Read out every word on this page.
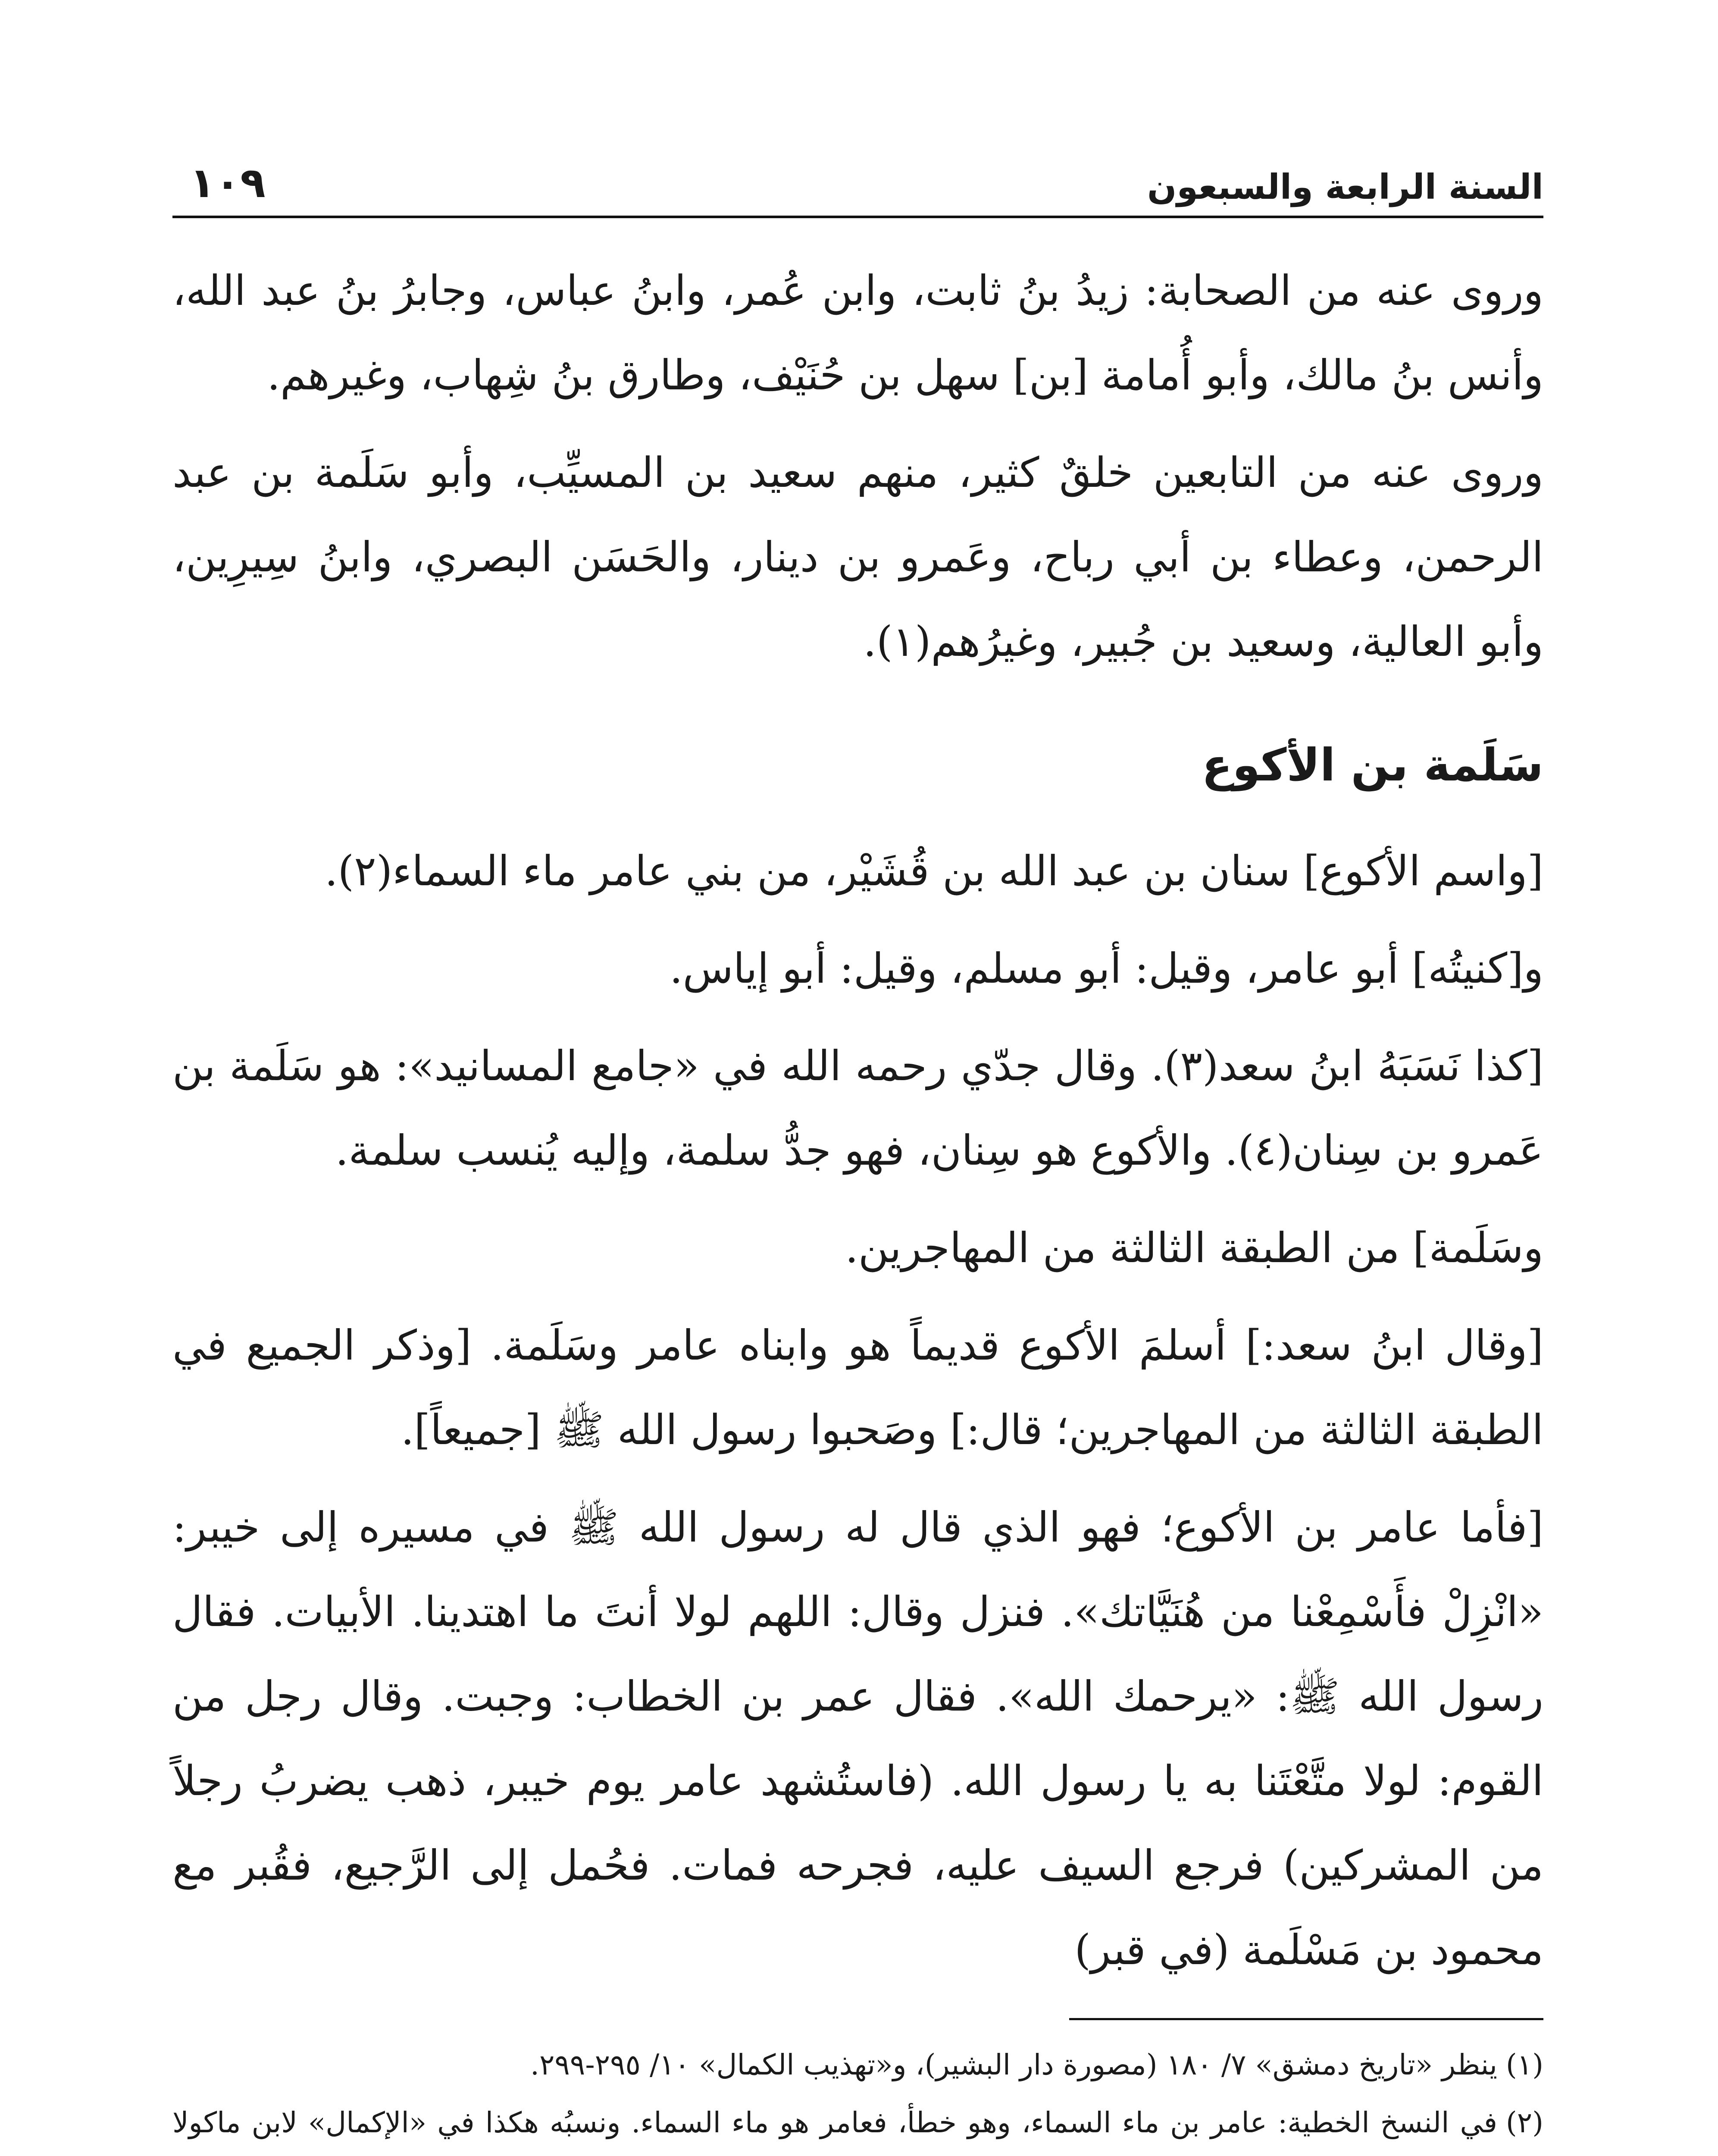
السنة الرابعة والسبعون
١٠٩

وروى عنه من الصحابة: زيدُ بنُ ثابت، وابن عُمر، وابنُ عباس، وجابرُ بنُ عبد الله، وأنس بنُ مالك، وأبو أُمامة [بن] سهل بن حُنَيْف، وطارق بنُ شِهاب، وغيرهم.

وروى عنه من التابعين خلقٌ كثير، منهم سعيد بن المسيِّب، وأبو سَلَمة بن عبد الرحمن، وعطاء بن أبي رباح، وعَمرو بن دينار، والحَسَن البصري، وابنُ سِيرِين، وأبو العالية، وسعيد بن جُبير، وغيرُهم(١).

سَلَمة بن الأكوع

[واسم الأكوع] سنان بن عبد الله بن قُشَيْر، من بني عامر ماء السماء(٢).

و[كنيتُه] أبو عامر، وقيل: أبو مسلم، وقيل: أبو إياس.

[كذا نَسَبَهُ ابنُ سعد(٣). وقال جدّي رحمه الله في «جامع المسانيد»: هو سَلَمة بن عَمرو بن سِنان(٤). والأكوع هو سِنان، فهو جدُّ سلمة، وإليه يُنسب سلمة.

وسَلَمة] من الطبقة الثالثة من المهاجرين.

[وقال ابنُ سعد:] أسلمَ الأكوع قديماً هو وابناه عامر وسَلَمة. [وذكر الجميع في الطبقة الثالثة من المهاجرين؛ قال:] وصَحبوا رسول الله ﷺ [جميعاً].

[فأما عامر بن الأكوع؛ فهو الذي قال له رسول الله ﷺ في مسيره إلى خيبر: «انْزِلْ فأَسْمِعْنا من هُنَيَّاتك». فنزل وقال: اللهم لولا أنتَ ما اهتدينا. الأبيات. فقال رسول الله ﷺ: «يرحمك الله». فقال عمر بن الخطاب: وجبت. وقال رجل من القوم: لولا متَّعْتَنا به يا رسول الله. (فاستُشهد عامر يوم خيبر، ذهب يضربُ رجلاً من المشركين) فرجع السيف عليه، فجرحه فمات. فحُمل إلى الرَّجيع، فقُبر مع محمود بن مَسْلَمة (في قبر)

(١)ينظر «تاريخ دمشق» ٧/ ١٨٠ (مصورة دار البشير)، و«تهذيب الكمال» ١٠/ ٢٩٥-٢٩٩.
(٢)في النسخ الخطية: عامر بن ماء السماء، وهو خطأ، فعامر هو ماء السماء. ونسبُه هكذا في «الإكمال» لابن ماكولا
